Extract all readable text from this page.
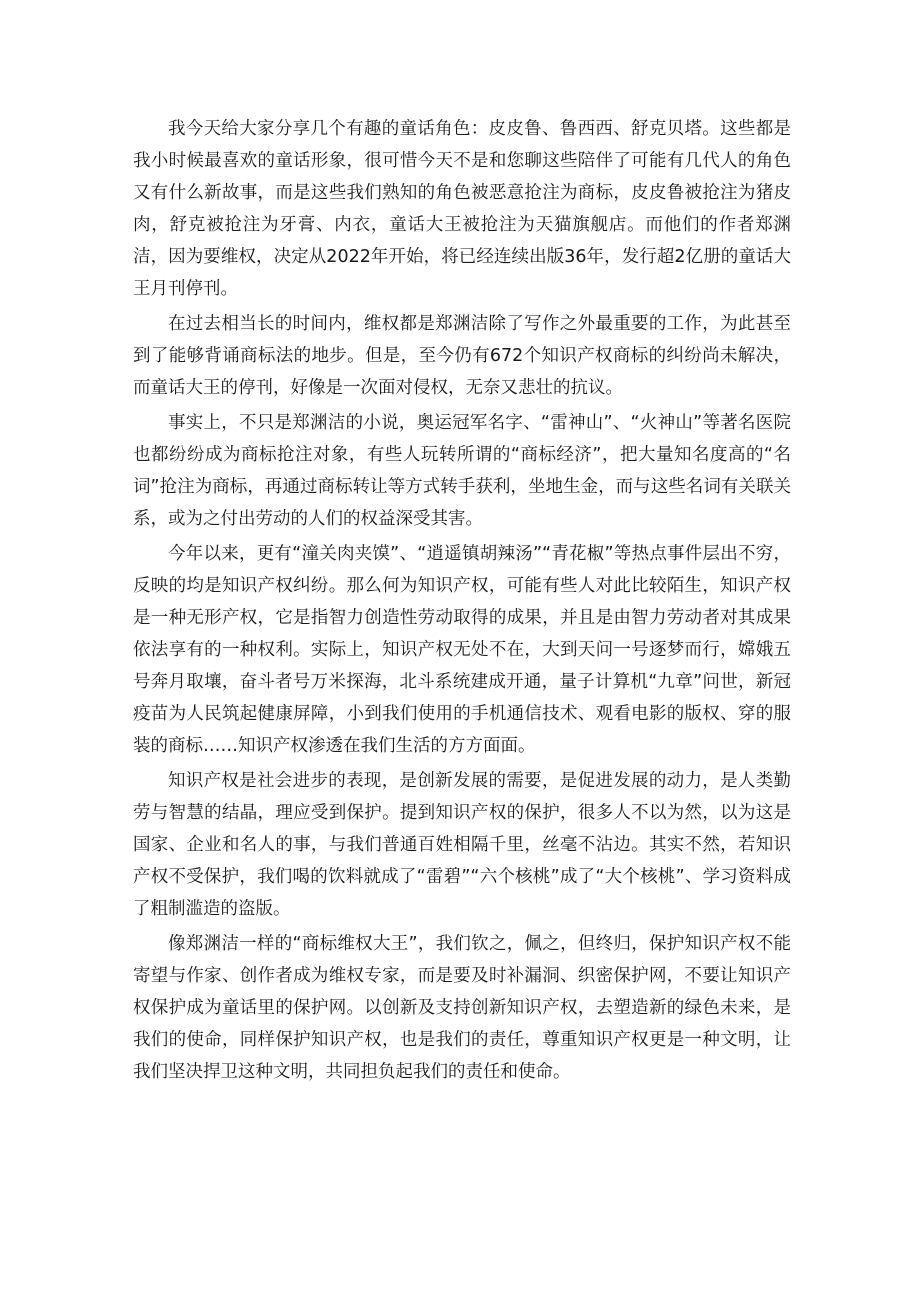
我今天给大家分享几个有趣的童话角色：皮皮鲁、鲁西西、舒克贝塔。这些都是我小时候最喜欢的童话形象，很可惜今天不是和您聊这些陪伴了可能有几代人的角色又有什么新故事，而是这些我们熟知的角色被恶意抢注为商标，皮皮鲁被抢注为猪皮肉，舒克被抢注为牙膏、内衣，童话大王被抢注为天猫旗舰店。而他们的作者郑渊洁，因为要维权，决定从2022年开始，将已经连续出版36年，发行超2亿册的童话大王月刊停刊。

在过去相当长的时间内，维权都是郑渊洁除了写作之外最重要的工作，为此甚至到了能够背诵商标法的地步。但是，至今仍有672个知识产权商标的纠纷尚未解决，而童话大王的停刊，好像是一次面对侵权，无奈又悲壮的抗议。

事实上，不只是郑渊洁的小说，奥运冠军名字、“雷神山”、“火神山”等著名医院也都纷纷成为商标抢注对象，有些人玩转所谓的“商标经济”，把大量知名度高的“名词”抢注为商标，再通过商标转让等方式转手获利，坐地生金，而与这些名词有关联关系，或为之付出劳动的人们的权益深受其害。

今年以来，更有“潼关肉夹馍”、“逍遥镇胡辣汤”“青花椒”等热点事件层出不穷，反映的均是知识产权纠纷。那么何为知识产权，可能有些人对此比较陌生，知识产权是一种无形产权，它是指智力创造性劳动取得的成果，并且是由智力劳动者对其成果依法享有的一种权利。实际上，知识产权无处不在，大到天问一号逐梦而行，嫦娥五号奔月取壤，奋斗者号万米探海，北斗系统建成开通，量子计算机“九章”问世，新冠疫苗为人民筑起健康屏障，小到我们使用的手机通信技术、观看电影的版权、穿的服装的商标……知识产权渗透在我们生活的方方面面。

知识产权是社会进步的表现，是创新发展的需要，是促进发展的动力，是人类勤劳与智慧的结晶，理应受到保护。提到知识产权的保护，很多人不以为然，以为这是国家、企业和名人的事，与我们普通百姓相隔千里，丝毫不沾边。其实不然，若知识产权不受保护，我们喝的饮料就成了“雷碧”“六个核桃”成了“大个核桃”、学习资料成了粗制滥造的盗版。

像郑渊洁一样的“商标维权大王”，我们钦之，佩之，但终归，保护知识产权不能寄望与作家、创作者成为维权专家，而是要及时补漏洞、织密保护网，不要让知识产权保护成为童话里的保护网。以创新及支持创新知识产权，去塑造新的绿色未来，是我们的使命，同样保护知识产权，也是我们的责任，尊重知识产权更是一种文明，让我们坚决捍卫这种文明，共同担负起我们的责任和使命。
